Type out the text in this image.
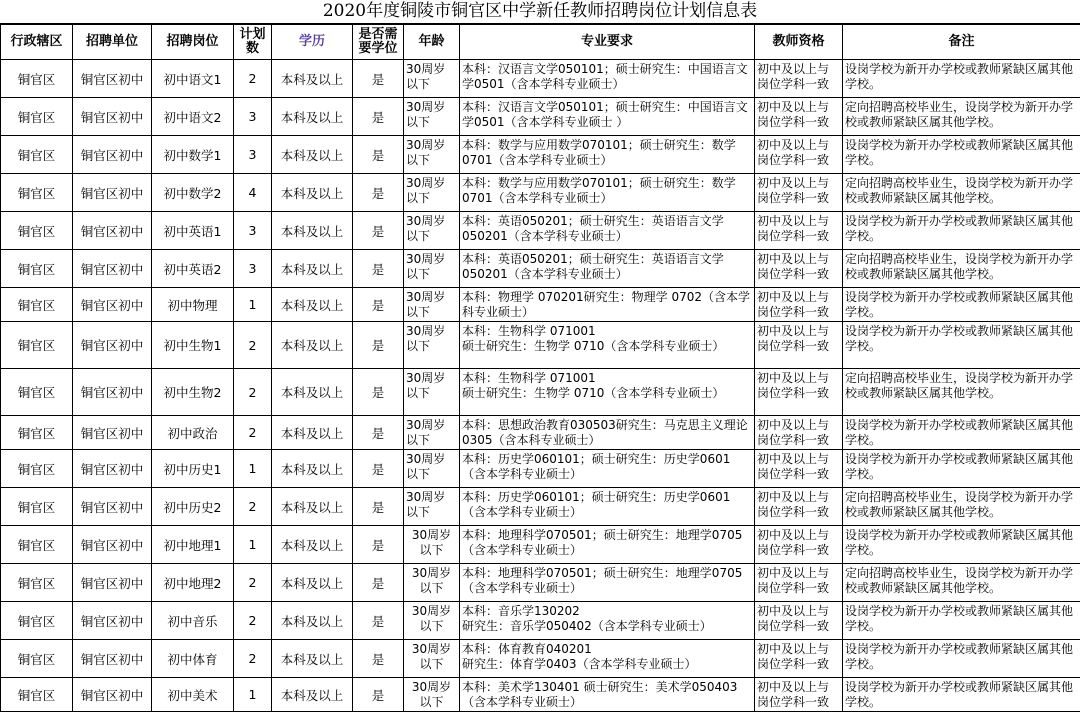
2020年度铜陵市铜官区中学新任教师招聘岗位计划信息表
行政辖区	招聘单位	招聘岗位	计划数	学历	是否需要学位	年龄	专业要求	教师资格	备注

铜官区	铜官区初中	初中语文1	2	本科及以上	是	30周岁以下	本科：汉语言文学050101；硕士研究生：中国语言文学0501（含本学科专业硕士）	初中及以上与岗位学科一致	设岗学校为新开办学校或教师紧缺区属其他学校。

铜官区	铜官区初中	初中语文2	3	本科及以上	是	30周岁以下	本科：汉语言文学050101；硕士研究生：中国语言文学0501（含本学科专业硕士 ）	初中及以上与岗位学科一致	定向招聘高校毕业生，设岗学校为新开办学校或教师紧缺区属其他学校。

铜官区	铜官区初中	初中数学1	3	本科及以上	是	30周岁以下	本科：数学与应用数学070101；硕士研究生：数学0701（含本学科专业硕士）	初中及以上与岗位学科一致	设岗学校为新开办学校或教师紧缺区属其他学校。

铜官区	铜官区初中	初中数学2	4	本科及以上	是	30周岁以下	本科：数学与应用数学070101；硕士研究生：数学0701（含本学科专业硕士）	初中及以上与岗位学科一致	定向招聘高校毕业生，设岗学校为新开办学校或教师紧缺区属其他学校。

铜官区	铜官区初中	初中英语1	3	本科及以上	是	30周岁以下	本科：英语050201；硕士研究生：英语语言文学050201（含本学科专业硕士）	初中及以上与岗位学科一致	设岗学校为新开办学校或教师紧缺区属其他学校。

铜官区	铜官区初中	初中英语2	3	本科及以上	是	30周岁以下	本科：英语050201；硕士研究生：英语语言文学050201（含本学科专业硕士）	初中及以上与岗位学科一致	定向招聘高校毕业生，设岗学校为新开办学校或教师紧缺区属其他学校。

铜官区	铜官区初中	初中物理	1	本科及以上	是	30周岁以下	本科：物理学 070201研究生：物理学 0702（含本学科专业硕士）	初中及以上与岗位学科一致	设岗学校为新开办学校或教师紧缺区属其他学校。

铜官区	铜官区初中	初中生物1	2	本科及以上	是	30周岁以下	本科：生物科学 071001
硕士研究生：生物学 0710（含本学科专业硕士）	初中及以上与岗位学科一致	设岗学校为新开办学校或教师紧缺区属其他学校。

铜官区	铜官区初中	初中生物2	2	本科及以上	是	30周岁以下	本科：生物科学 071001
硕士研究生：生物学 0710（含本学科专业硕士）	初中及以上与岗位学科一致	定向招聘高校毕业生，设岗学校为新开办学校或教师紧缺区属其他学校。

铜官区	铜官区初中	初中政治	2	本科及以上	是	30周岁以下	本科：思想政治教育030503研究生：马克思主义理论0305（含本科专业硕士）	初中及以上与岗位学科一致	设岗学校为新开办学校或教师紧缺区属其他学校。

铜官区	铜官区初中	初中历史1	1	本科及以上	是	30周岁以下	本科：历史学060101；硕士研究生：历史学0601（含本学科专业硕士）	初中及以上与岗位学科一致	设岗学校为新开办学校或教师紧缺区属其他学校。

铜官区	铜官区初中	初中历史2	2	本科及以上	是	30周岁以下	本科：历史学060101；硕士研究生：历史学0601（含本学科专业硕士）	初中及以上与岗位学科一致	定向招聘高校毕业生，设岗学校为新开办学校或教师紧缺区属其他学校。

铜官区	铜官区初中	初中地理1	1	本科及以上	是	30周岁以下	本科：地理科学070501；硕士研究生：地理学0705（含本学科专业硕士）	初中及以上与岗位学科一致	设岗学校为新开办学校或教师紧缺区属其他学校。

铜官区	铜官区初中	初中地理2	2	本科及以上	是	30周岁以下	本科：地理科学070501；硕士研究生：地理学0705（含本学科专业硕士）	初中及以上与岗位学科一致	定向招聘高校毕业生，设岗学校为新开办学校或教师紧缺区属其他学校。

铜官区	铜官区初中	初中音乐	2	本科及以上	是	30周岁以下	本科：音乐学130202
研究生：音乐学050402（含本学科专业硕士）	初中及以上与岗位学科一致	设岗学校为新开办学校或教师紧缺区属其他学校。

铜官区	铜官区初中	初中体育	2	本科及以上	是	30周岁以下	本科：体育教育040201
研究生：体育学0403（含本学科专业硕士）	初中及以上与岗位学科一致	设岗学校为新开办学校或教师紧缺区属其他学校。

铜官区	铜官区初中	初中美术	1	本科及以上	是	30周岁以下	本科：美术学130401 硕士研究生：美术学050403（含本学科专业硕士）	初中及以上与岗位学科一致	设岗学校为新开办学校或教师紧缺区属其他学校。
